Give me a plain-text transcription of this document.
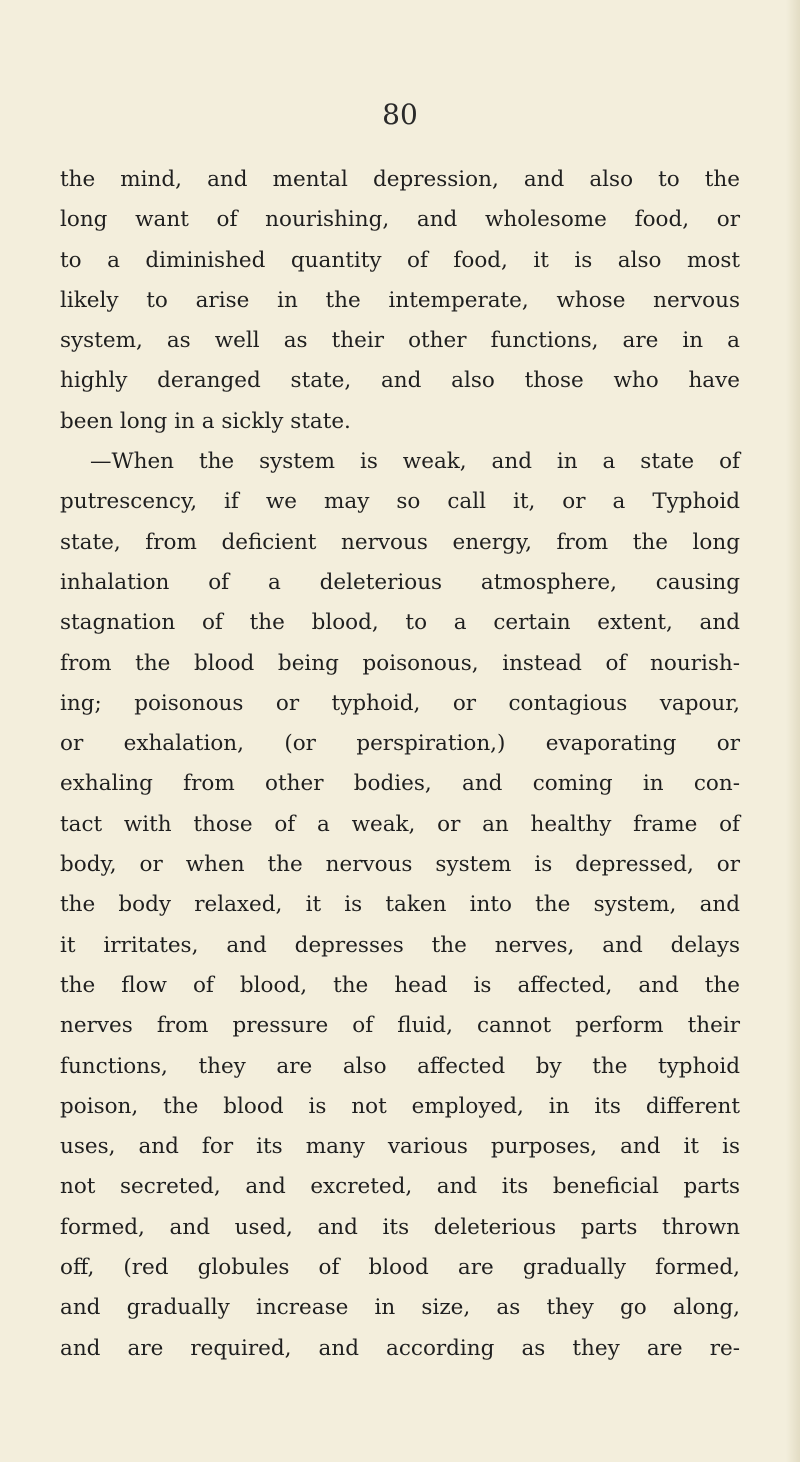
80
the mind, and mental depression, and also to the
long want of nourishing, and wholesome food, or
to a diminished quantity of food, it is also most
likely to arise in the intemperate, whose nervous
system, as well as their other functions, are in a
highly deranged state, and also those who have
been long in a sickly state.
—When the system is weak, and in a state of
putrescency, if we may so call it, or a Typhoid
state, from deficient nervous energy, from the long
inhalation of a deleterious atmosphere, causing
stagnation of the blood, to a certain extent, and
from the blood being poisonous, instead of nourish-
ing; poisonous or typhoid, or contagious vapour,
or exhalation, (or perspiration,) evaporating or
exhaling from other bodies, and coming in con-
tact with those of a weak, or an healthy frame of
body, or when the nervous system is depressed, or
the body relaxed, it is taken into the system, and
it irritates, and depresses the nerves, and delays
the flow of blood, the head is affected, and the
nerves from pressure of fluid, cannot perform their
functions, they are also affected by the typhoid
poison, the blood is not employed, in its different
uses, and for its many various purposes, and it is
not secreted, and excreted, and its beneficial parts
formed, and used, and its deleterious parts thrown
off, (red globules of blood are gradually formed,
and gradually increase in size, as they go along,
and are required, and according as they are re-
